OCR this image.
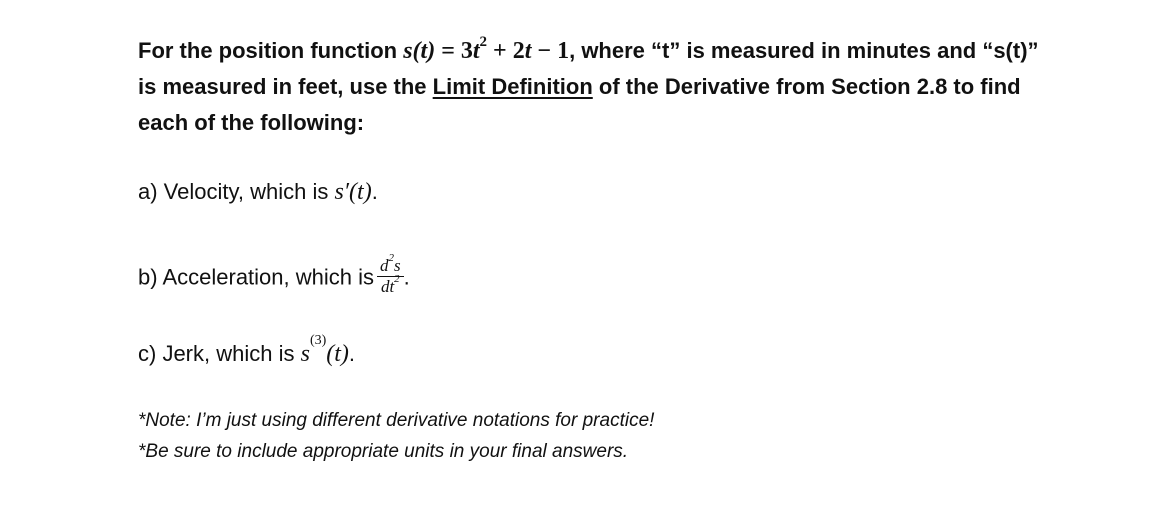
For the position function $s(t) = 3t^2 + 2t - 1$, where “t” is measured in minutes and “s(t)” is measured in feet, use the Limit Definition of the Derivative from Section 2.8 to find each of the following:
a) Velocity, which is s′(t).
b) Acceleration, which is $\frac{d^2s}{dt^2}$ .
c) Jerk, which is $s^{(3)}(t)$.
*Note: I’m just using different derivative notations for practice!
*Be sure to include appropriate units in your final answers.
